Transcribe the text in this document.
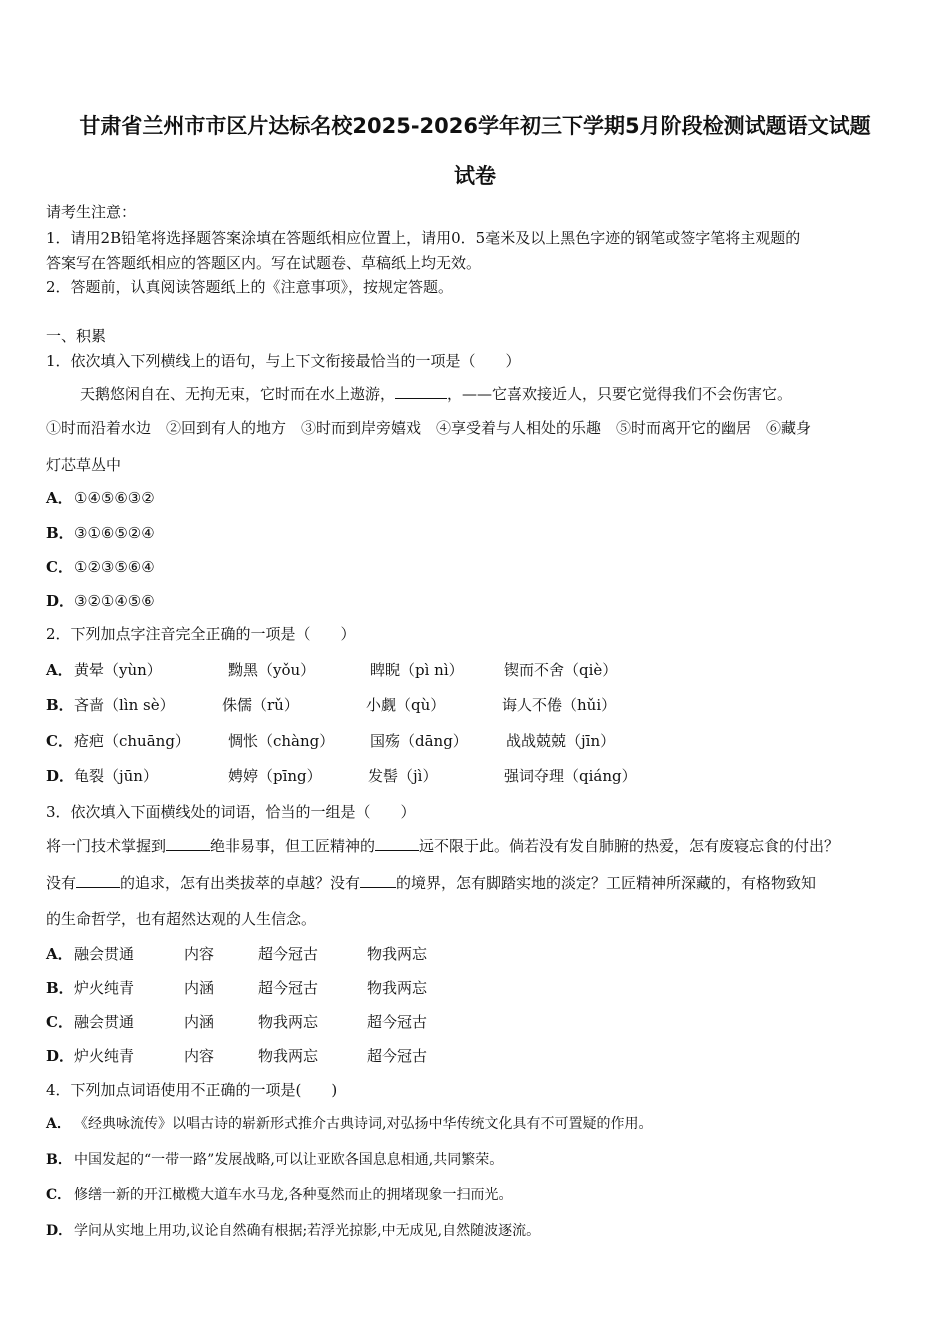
甘肃省兰州市市区片达标名校2025-2026学年初三下学期5月阶段检测试题语文试题
试卷
请考生注意：
1．请用2B铅笔将选择题答案涂填在答题纸相应位置上，请用0．5毫米及以上黑色字迹的钢笔或签字笔将主观题的
答案写在答题纸相应的答题区内。写在试题卷、草稿纸上均无效。
2．答题前，认真阅读答题纸上的《注意事项》，按规定答题。
一、积累
1．依次填入下列横线上的语句，与上下文衔接最恰当的一项是（　　）
天鹅悠闲自在、无拘无束，它时而在水上遨游，	，——它喜欢接近人，只要它觉得我们不会伤害它。
①时而沿着水边　②回到有人的地方　③时而到岸旁嬉戏　④享受着与人相处的乐趣　⑤时而离开它的幽居　⑥藏身
灯芯草丛中
A．①④⑤⑥③②
B．③①⑥⑤②④
C．①②③⑤⑥④
D．③②①④⑤⑥
2．下列加点字注音完全正确的一项是（　　）
A． 黄晕（yùn）	黝黑（yǒu）	睥睨（pì nì）	锲而不舍（qiè）
B． 吝啬（lìn sè）	侏儒（rǔ）	小觑（qù）	诲人不倦（hǔi）
C． 疮疤（chuāng）	惆怅（chàng） 国殇（dāng）	战战兢兢（jīn）
D． 龟裂（jūn）	娉婷（pīng）	发髻（jì）	强词夺理（qiáng）
3．依次填入下面横线处的词语，恰当的一组是（　　）
将一门技术掌握到	绝非易事，但工匠精神的	远不限于此。倘若没有发自肺腑的热爱，怎有废寝忘食的付出？
没有	的追求，怎有出类拔萃的卓越？没有 的境界，怎有脚踏实地的淡定？工匠精神所深藏的，有格物致知
的生命哲学，也有超然达观的人生信念。
A． 融会贯通	内容	超今冠古	物我两忘
B． 炉火纯青	内涵	超今冠古	物我两忘
C． 融会贯通	内涵	物我两忘	超今冠古
D． 炉火纯青	内容	物我两忘	超今冠古
4．下列加点词语使用不正确的一项是(　　)
A． 《经典咏流传》以唱古诗的崭新形式推介古典诗词,对弘扬中华传统文化具有不可置疑的作用。
B． 中国发起的“一带一路”发展战略,可以让亚欧各国息息相通,共同繁荣。
C． 修缮一新的开江橄榄大道车水马龙,各种戛然而止的拥堵现象一扫而光。
D． 学问从实地上用功,议论自然确有根据;若浮光掠影,中无成见,自然随波逐流。
